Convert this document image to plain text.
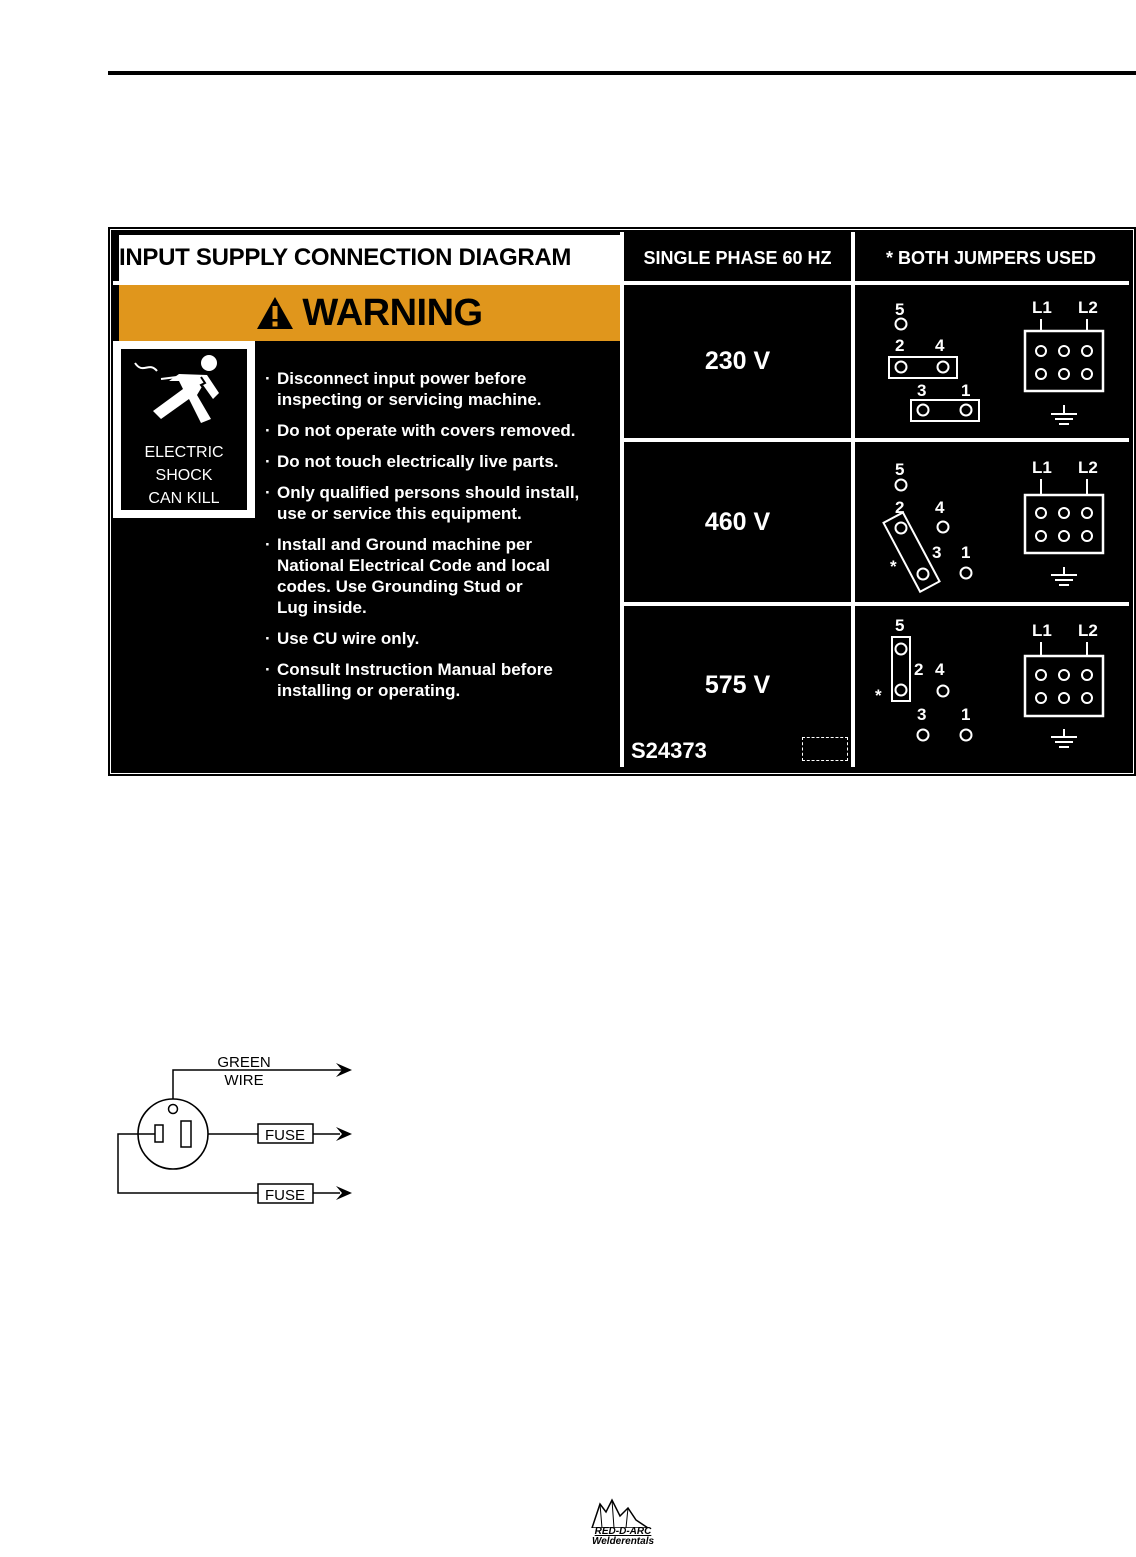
INPUT SUPPLY CONNECTION DIAGRAM
WARNING
ELECTRIC
SHOCK
CAN KILL
· Disconnect input power before
inspecting or servicing machine.
· Do not operate with covers removed.
· Do not touch electrically live parts.
· Only qualified persons should install,
use or service this equipment.
· Install and Ground machine per
National Electrical Code and local
codes. Use Grounding Stud or
Lug inside.
· Use CU wire only.
· Consult Instruction Manual before
installing or operating.
SINGLE PHASE 60 HZ	* BOTH JUMPERS USED
230 V
460 V
575 V
S24373
5
2 4
3 1
L1 L2
5
2 4
3 1
*
L1 L2
5
2 4
*
3 1
L1 L2
GREEN
WIRE
FUSE
FUSE
RED-D-ARC
Welderentals
